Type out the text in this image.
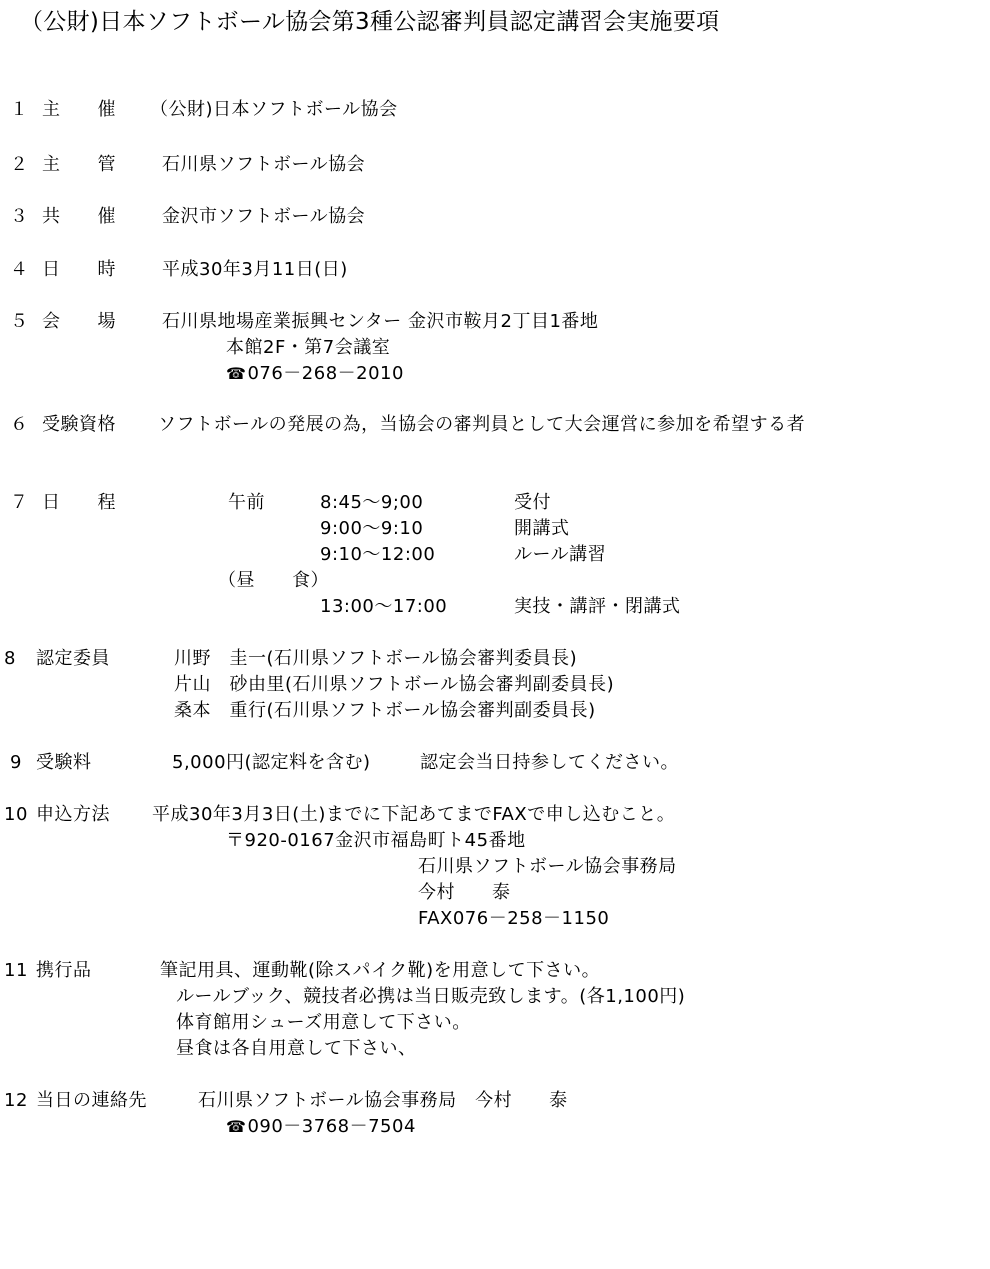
（公財)日本ソフトボール協会第3種公認審判員認定講習会実施要項
１ 主　　催 （公財)日本ソフトボール協会
２ 主　　管	石川県ソフトボール協会
３ 共　　催	金沢市ソフトボール協会
４ 日　　時	平成30年3月11日(日)
５ 会　　場	石川県地場産業振興センター 金沢市鞍月2丁目1番地
本館2F・第7会議室
☎076－268－2010
６ 受験資格 ソフトボールの発展の為，当協会の審判員として大会運営に参加を希望する者
７ 日　　程	午前	8:45～9;00	受付
9:00～9:10	開講式
9:10～12:00	ルール講習
（昼　　食）
13:00～17:00	実技・講評・閉講式
8 認定委員	川野　圭一(石川県ソフトボール協会審判委員長)
片山　砂由里(石川県ソフトボール協会審判副委員長)
桑本　重行(石川県ソフトボール協会審判副委員長)
9 受験料	5,000円(認定料を含む)	認定会当日持参してください。
10 申込方法 平成30年3月3日(土)までに下記あてまでFAXで申し込むこと。
〒920-0167金沢市福島町ト45番地
石川県ソフトボール協会事務局
今村　　泰
FAX076－258－1150
11 携行品	筆記用具、運動靴(除スパイク靴)を用意して下さい。
ルールブック、競技者必携は当日販売致します。(各1,100円)
体育館用シューズ用意して下さい。
昼食は各自用意して下さい、
12 当日の連絡先	石川県ソフトボール協会事務局　今村　　泰
☎090－3768－7504
